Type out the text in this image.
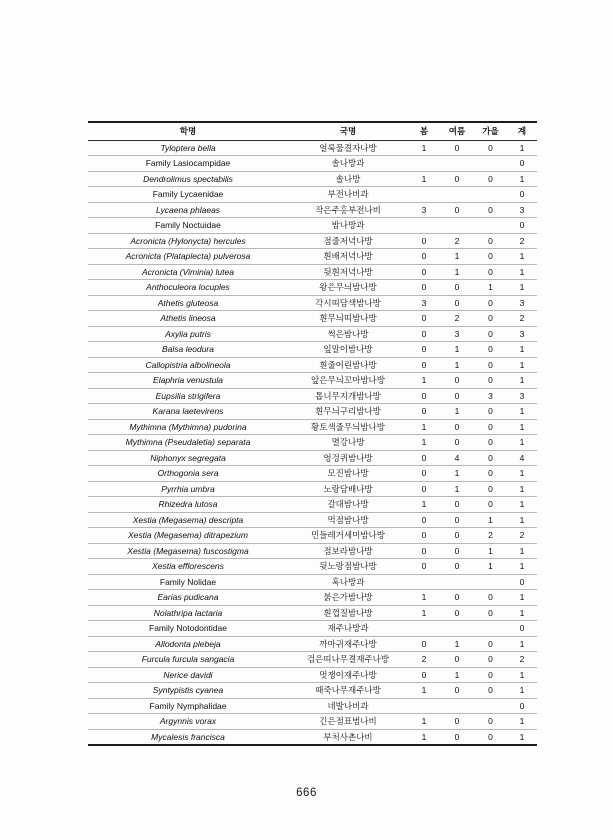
학명	국명	봄	여름	가을	계
Tyloptera bella	얼룩물결자나방	1	0	0	1
Family Lasiocampidae	솔나방과				0
Dendrolimus spectabilis	솔나방	1	0	0	1
Family Lycaenidae	부전나비과				0
Lycaena phlaeas	작은주홍부전나비	3	0	0	3
Family Noctuidae	밤나방과				0
Acronicta (Hylonycta) hercules	점줄저녁나방	0	2	0	2
Acronicta (Plataplecta) pulverosa	흰배저녁나방	0	1	0	1
Acronicta (Viminia) lutea	뒷흰저녁나방	0	1	0	1
Anthoculeora locuples	왕은무늬밤나방	0	0	1	1
Athetis gluteosa	각시띠담색밤나방	3	0	0	3
Athetis lineosa	흰무늬띠밤나방	0	2	0	2
Axylia putris	썩은밤나방	0	3	0	3
Balsa leodura	잎말이밤나방	0	1	0	1
Callopistria albolineola	흰줄어린밤나방	0	1	0	1
Elaphria venustula	앞은무늬꼬마밤나방	1	0	0	1
Eupsilia strigifera	톱니무지개밤나방	0	0	3	3
Karana laetevirens	흰무늬구리밤나방	0	1	0	1
Mythimna (Mythimna) pudorina	황토색줄무늬밤나방	1	0	0	1
Mythimna (Pseudaletia) separata	멸강나방	1	0	0	1
Niphonyx segregata	엉겅퀴밤나방	0	4	0	4
Orthogonia sera	모진밤나방	0	1	0	1
Pyrrhia umbra	노랑담배나방	0	1	0	1
Rhizedra lutosa	갈대밤나방	1	0	0	1
Xestia (Megasema) descripta	먹점밤나방	0	0	1	1
Xestia (Megasema) ditrapezium	민들레거세미밤나방	0	0	2	2
Xestia (Megasema) fuscostigma	점보라밤나방	0	0	1	1
Xestia efflorescens	뒷노랑점밤나방	0	0	1	1
Family Nolidae	혹나방과				0
Earias pudicana	붉은가밤나방	1	0	0	1
Nolathripa lactaria	흰껍질밤나방	1	0	0	1
Family Notodontidae	재주나방과				0
Allodonta plebeja	까마귀재주나방	0	1	0	1
Furcula furcula sangacia	검은띠나무결재주나방	2	0	0	2
Nerice davidi	멋쟁이재주나방	0	1	0	1
Syntypistis cyanea	때죽나무재주나방	1	0	0	1
Family Nymphalidae	네발나비과				0
Argynnis vorax	긴은점표범나비	1	0	0	1
Mycalesis francisca	부처사촌나비	1	0	0	1
666
